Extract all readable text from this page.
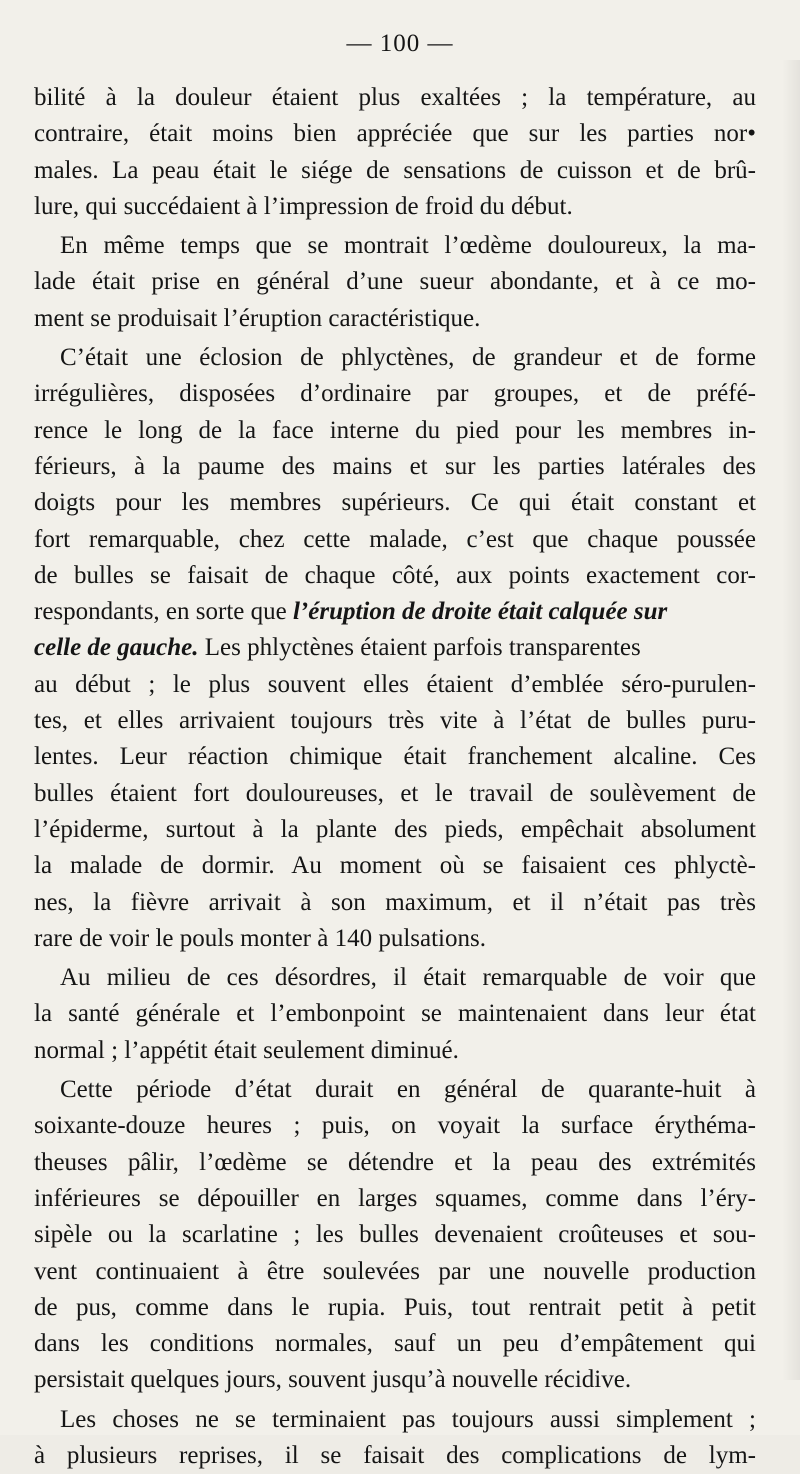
— 100 —
bilité à la douleur étaient plus exaltées ; la température, au
contraire, était moins bien appréciée que sur les parties nor•
males. La peau était le siége de sensations de cuisson et de brû-
lure, qui succédaient à l’impression de froid du début.
En même temps que se montrait l’œdème douloureux, la ma-
lade était prise en général d’une sueur abondante, et à ce mo-
ment se produisait l’éruption caractéristique.
C’était une éclosion de phlyctènes, de grandeur et de forme
irrégulières, disposées d’ordinaire par groupes, et de préfé-
rence le long de la face interne du pied pour les membres in-
férieurs, à la paume des mains et sur les parties latérales des
doigts pour les membres supérieurs. Ce qui était constant et
fort remarquable, chez cette malade, c’est que chaque poussée
de bulles se faisait de chaque côté, aux points exactement cor-
respondants, en sorte que l’éruption de droite était calquée sur
celle de gauche. Les phlyctènes étaient parfois transparentes
au début ; le plus souvent elles étaient d’emblée séro-purulen-
tes, et elles arrivaient toujours très vite à l’état de bulles puru-
lentes. Leur réaction chimique était franchement alcaline. Ces
bulles étaient fort douloureuses, et le travail de soulèvement de
l’épiderme, surtout à la plante des pieds, empêchait absolument
la malade de dormir. Au moment où se faisaient ces phlyctè-
nes, la fièvre arrivait à son maximum, et il n’était pas très
rare de voir le pouls monter à 140 pulsations.
Au milieu de ces désordres, il était remarquable de voir que
la santé générale et l’embonpoint se maintenaient dans leur état
normal ; l’appétit était seulement diminué.
Cette période d’état durait en général de quarante-huit à
soixante-douze heures ; puis, on voyait la surface érythéma-
theuses pâlir, l’œdème se détendre et la peau des extrémités
inférieures se dépouiller en larges squames, comme dans l’éry-
sipèle ou la scarlatine ; les bulles devenaient croûteuses et sou-
vent continuaient à être soulevées par une nouvelle production
de pus, comme dans le rupia. Puis, tout rentrait petit à petit
dans les conditions normales, sauf un peu d’empâtement qui
persistait quelques jours, souvent jusqu’à nouvelle récidive.
Les choses ne se terminaient pas toujours aussi simplement ;
à plusieurs reprises, il se faisait des complications de lym-
